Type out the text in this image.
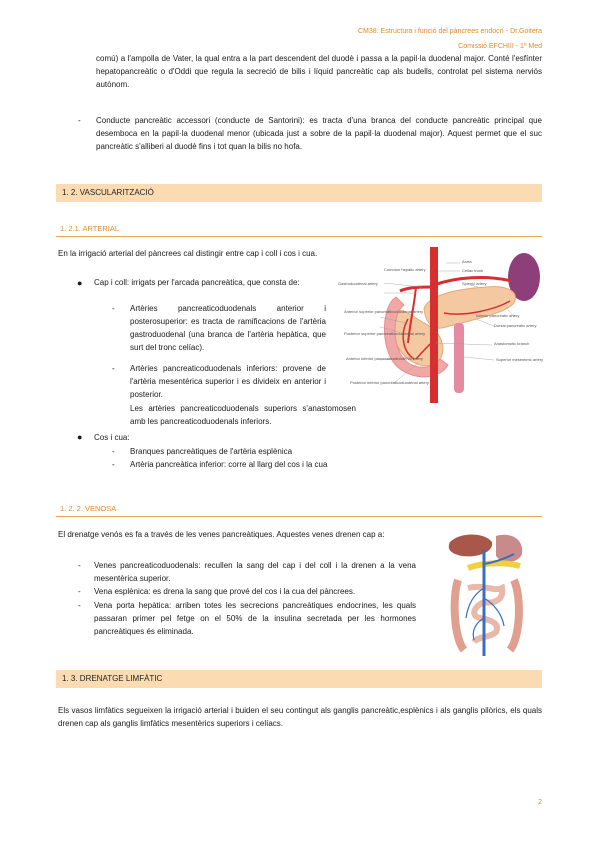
CM38: Estructura i funció del pàncrees endocrí - Dr.Goitera
Comissió EFCHIII - 1º Med
comú) a l'ampolla de Vater, la qual entra a la part descendent del duodè i passa a la papil·la duodenal major. Conté l'esfínter hepatopancreàtic o d'Oddi que regula la secreció de bilis i líquid pancreàtic cap als budells, controlat pel sistema nerviós autònom.
- Conducte pancreàtic accessori (conducte de Santorini): es tracta d'una branca del conducte pancreàtic principal que desemboca en la papil·la duodenal menor (ubicada just a sobre de la papil·la duodenal major). Aquest permet que el suc pancreàtic s'alliberi al duodè fins i tot quan la bilis no hofa.
1. 2. VASCULARITZACIÓ
1. 2.1. ARTERIAL
En la irrigació arterial del pàncrees cal distingir entre cap i coll i cos i cua.
● Cap i coll: irrigats per l'arcada pancreàtica, que consta de:
- Artèries pancreaticoduodenals anterior i posterosuperior: es tracta de ramificacions de l'artèria gastroduodenal (una branca de l'artèria hepàtica, que surt del tronc celíac).
- Artèries pancreaticoduodenals inferiors: provene de l'artèria mesentèrica superior i es divideix en anterior i posterior.
Les artèries pancreaticoduodenals superiors s'anastomosen amb les pancreaticoduodenals inferiors.
● Cos i cua:
- Branques pancreàtiques de l'artèria esplènica
- Artèria pancreàtica inferior: corre al llarg del cos i la cua
Common hepatic artery
Gastroduodenal artery
Anterior superior pancreaticoduodenal artery
Posterior superior pancreaticoduodenal artery
Anterior inferior pancreaticoduodenal artery
Posterior inferior pancreaticoduodenal artery
Aorta
Celiac trunk
Splenic artery
Inferior pancreatic artery
Dorsal pancreatic artery
Anastomotic branch
Superior mesenteric artery
1. 2. 2. VENOSA
El drenatge venós es fa a través de les venes pancreàtiques. Aquestes venes drenen cap a:
- Venes pancreaticoduodenals: recullen la sang del cap i del coll i la drenen a la vena mesentèrica superior.
- Vena esplènica: es drena la sang que prové del cos i la cua del pàncrees.
- Vena porta hepàtica: arriben totes les secrecions pancreàtiques endocrines, les quals passaran primer pel fetge on el 50% de la insulina secretada per les hormones pancreàtiques és eliminada.
1. 3. DRENATGE LIMFÀTIC
Els vasos limfàtics segueixen la irrigació arterial i buiden el seu contingut als ganglis pancreàtic,esplènics i als ganglis pilòrics, els quals drenen cap als ganglis limfàtics mesentèrics superiors i celíacs.
2
